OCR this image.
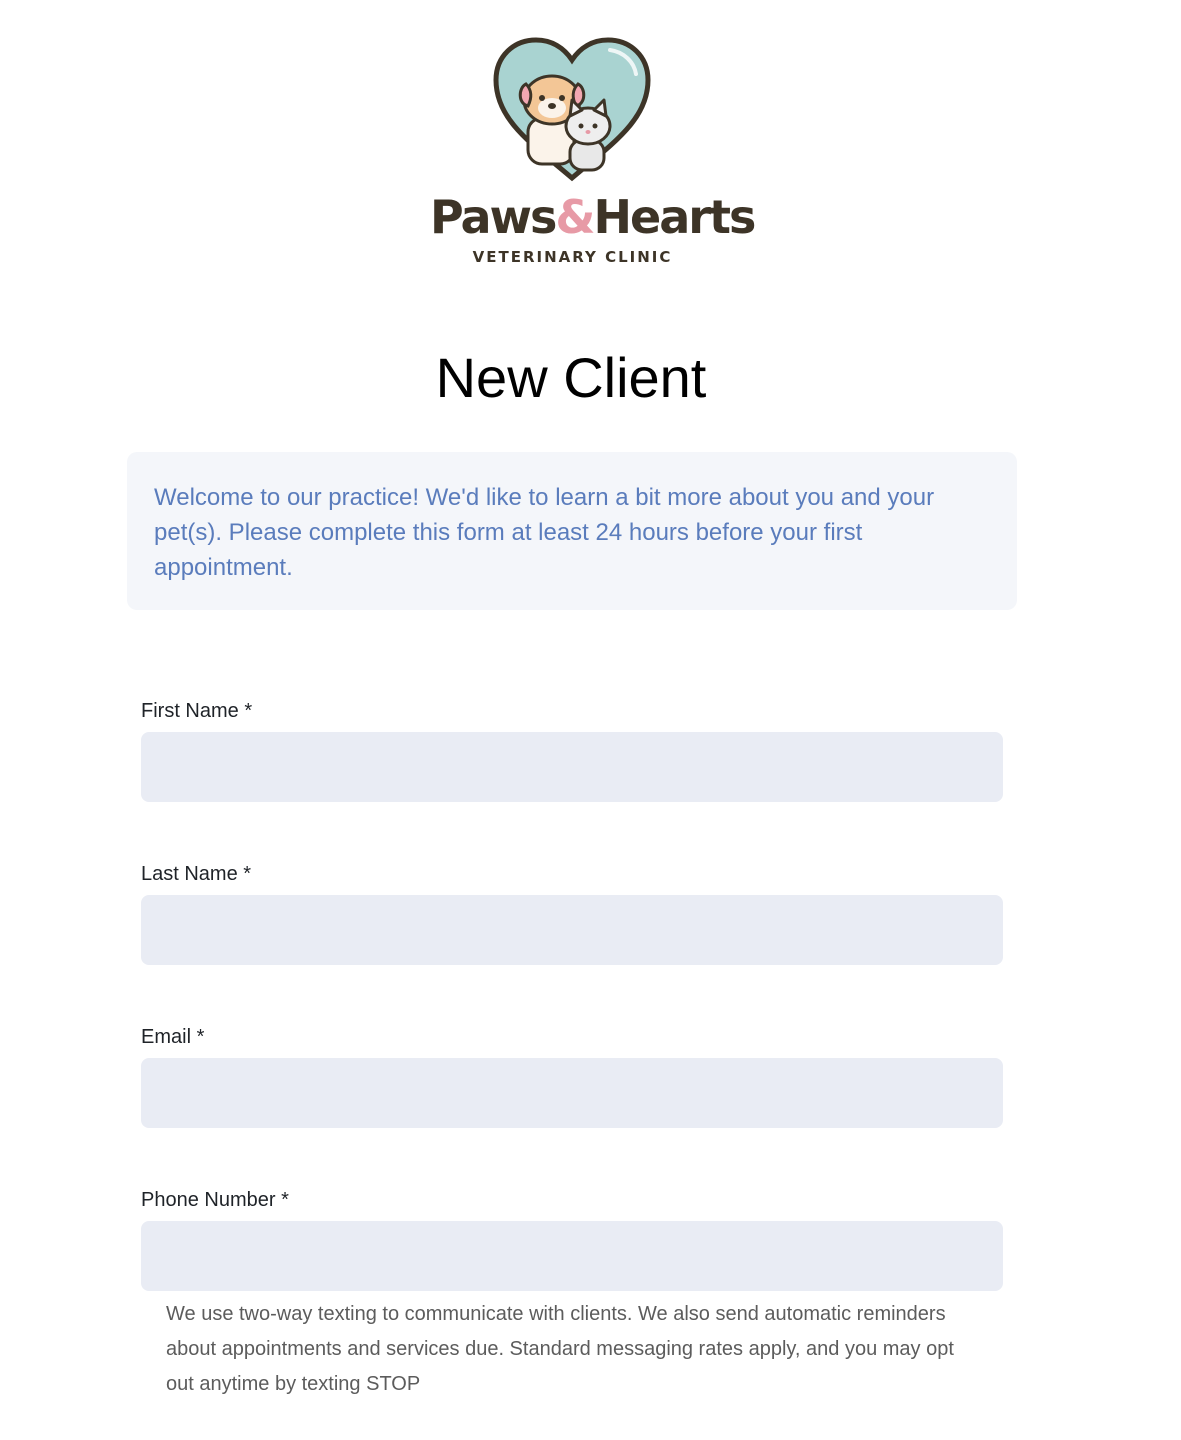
Paws&Hearts
VETERINARY CLINIC
New Client

Welcome to our practice! We'd like to learn a bit more about you and your pet(s). Please complete this form at least 24 hours before your first appointment.

First Name *
Last Name *
Email *
Phone Number *

We use two-way texting to communicate with clients. We also send automatic reminders about appointments and services due. Standard messaging rates apply, and you may opt out anytime by texting STOP
